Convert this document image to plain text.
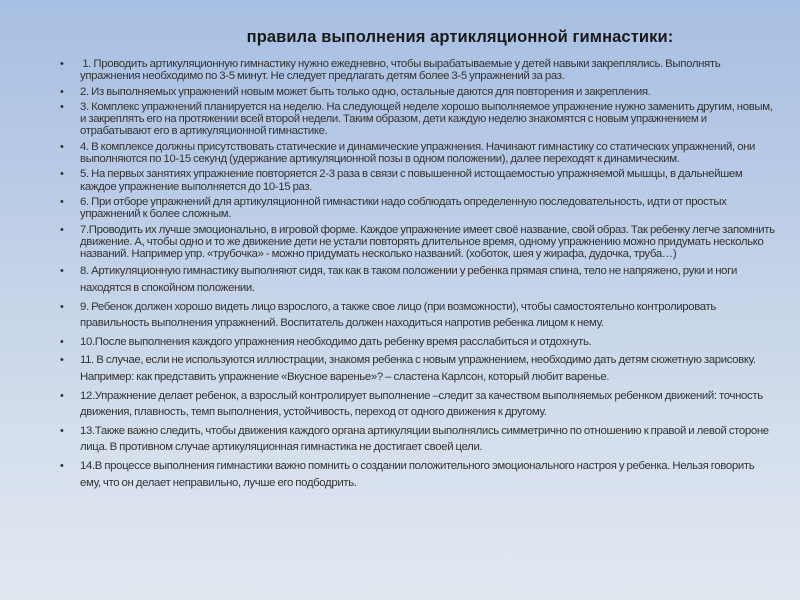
правила выполнения артикляционной гимнастики:
• 1. Проводить артикуляционную гимнастику нужно ежедневно, чтобы вырабатываемые у детей навыки закреплялись. Выполнять упражнения необходимо по 3-5 минут. Не следует предлагать детям более 3-5 упражнений за раз.
• 2. Из выполняемых упражнений новым может быть только одно, остальные даются для повторения и закрепления.
• 3. Комплекс упражнений планируется на неделю. На следующей неделе хорошо выполняемое упражнение нужно заменить другим, новым, и закреплять его на протяжении всей второй недели. Таким образом, дети каждую неделю знакомятся с новым упражнением и отрабатывают его в артикуляционной гимнастике.
• 4. В комплексе должны присутствовать статические и динамические упражнения. Начинают гимнастику со статических упражнений, они выполняются по 10-15 секунд (удержание артикуляционной позы в одном положении), далее переходят к динамическим.
• 5. На первых занятиях упражнение повторяется 2-3 раза в связи с повышенной истощаемостью упражняемой мышцы, в дальнейшем каждое упражнение выполняется до 10-15 раз.
• 6. При отборе упражнений для артикуляционной гимнастики надо соблюдать определенную последовательность, идти от простых упражнений к более сложным.
• 7.Проводить их лучше эмоционально, в игровой форме. Каждое упражнение имеет своё название, свой образ. Так ребенку легче запомнить движение. А, чтобы одно и то же движение дети не устали повторять длительное время, одному упражнению можно придумать несколько названий. Например упр. «трубочка» - можно придумать несколько названий. (хоботок, шея у жирафа, дудочка, труба…)
• 8. Артикуляционную гимнастику выполняют сидя, так как в таком положении у ребенка прямая спина, тело не напряжено, руки и ноги находятся в спокойном положении.
• 9. Ребенок должен хорошо видеть лицо взрослого, а также свое лицо (при возможности), чтобы самостоятельно контролировать правильность выполнения упражнений. Воспитатель должен находиться напротив ребенка лицом к нему.
• 10.После выполнения каждого упражнения необходимо дать ребенку время расслабиться и отдохнуть.
• 11. В случае, если не используются иллюстрации, знакомя ребенка с новым упражнением, необходимо дать детям сюжетную зарисовку. Например: как представить упражнение «Вкусное варенье»? – сластена Карлсон, который любит варенье.
• 12.Упражнение делает ребенок, а взрослый контролирует выполнение –следит за качеством выполняемых ребенком движений: точность движения, плавность, темп выполнения, устойчивость, переход от одного движения к другому.
• 13.Также важно следить, чтобы движения каждого органа артикуляции выполнялись симметрично по отношению к правой и левой стороне лица. В противном случае артикуляционная гимнастика не достигает своей цели.
• 14.В процессе выполнения гимнастики важно помнить о создании положительного эмоционального настроя у ребенка. Нельзя говорить ему, что он делает неправильно, лучше его подбодрить.
